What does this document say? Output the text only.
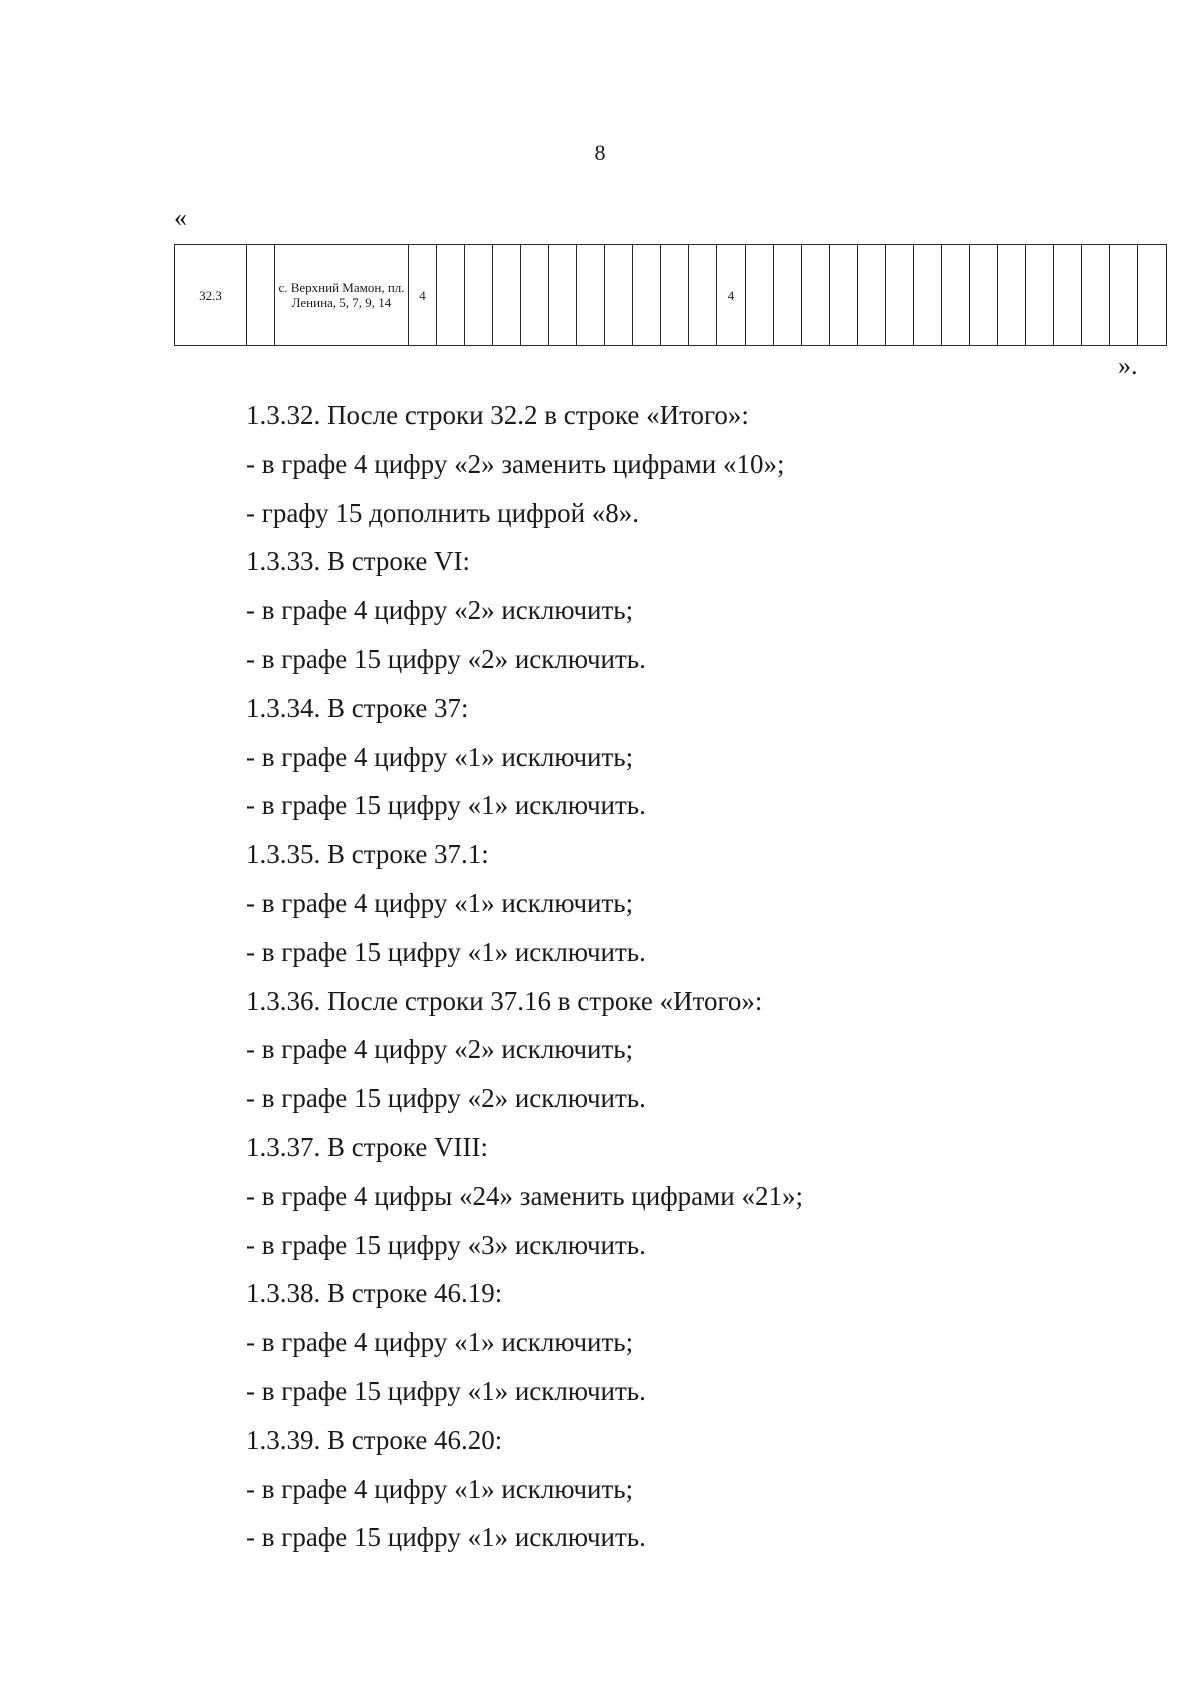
8
«
32.3		с. Верхний Мамон, пл. Ленина, 5, 7, 9, 14	4											4															
».
1.3.32. После строки 32.2 в строке «Итого»:
- в графе 4 цифру «2» заменить цифрами «10»;
- графу 15 дополнить цифрой «8».
1.3.33. В строке VI:
- в графе 4 цифру «2» исключить;
- в графе 15 цифру «2» исключить.
1.3.34. В строке 37:
- в графе 4 цифру «1» исключить;
- в графе 15 цифру «1» исключить.
1.3.35. В строке 37.1:
- в графе 4 цифру «1» исключить;
- в графе 15 цифру «1» исключить.
1.3.36. После строки 37.16 в строке «Итого»:
- в графе 4 цифру «2» исключить;
- в графе 15 цифру «2» исключить.
1.3.37. В строке VIII:
- в графе 4 цифры «24» заменить цифрами «21»;
- в графе 15 цифру «3» исключить.
1.3.38. В строке 46.19:
- в графе 4 цифру «1» исключить;
- в графе 15 цифру «1» исключить.
1.3.39. В строке 46.20:
- в графе 4 цифру «1» исключить;
- в графе 15 цифру «1» исключить.
